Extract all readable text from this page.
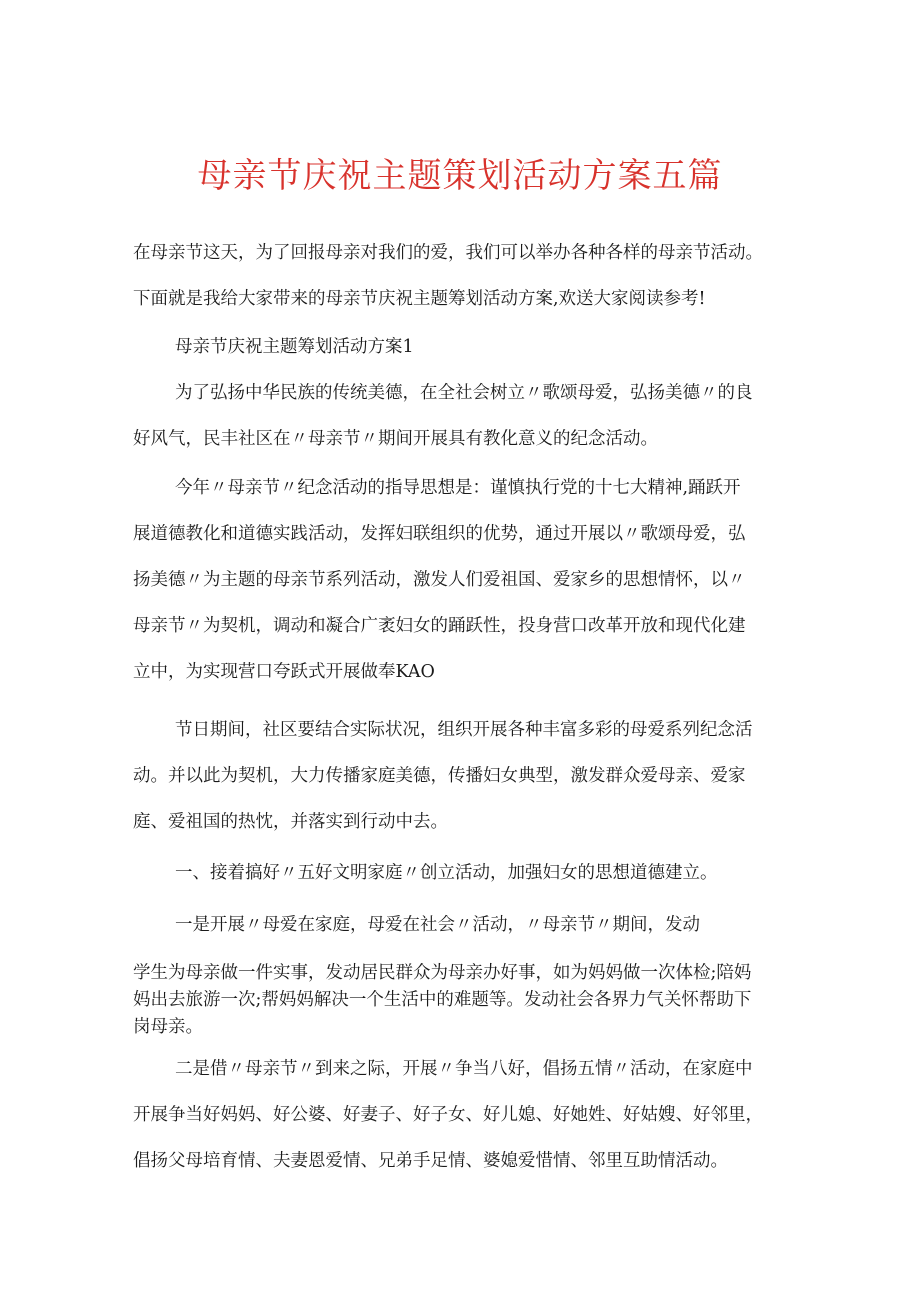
母亲节庆祝主题策划活动方案五篇
在母亲节这天，为了回报母亲对我们的爱，我们可以举办各种各样的母亲节活动。
下面就是我给大家带来的母亲节庆祝主题筹划活动方案,欢送大家阅读参考!
母亲节庆祝主题筹划活动方案1
为了弘扬中华民族的传统美德，在全社会树立〃歌颂母爱，弘扬美德〃的良
好风气，民丰社区在〃母亲节〃期间开展具有教化意义的纪念活动。
今年〃母亲节〃纪念活动的指导思想是：谨慎执行党的十七大精神,踊跃开
展道德教化和道德实践活动，发挥妇联组织的优势，通过开展以〃歌颂母爱，弘
扬美德〃为主题的母亲节系列活动，激发人们爱祖国、爱家乡的思想情怀，以〃
母亲节〃为契机，调动和凝合广袤妇女的踊跃性，投身营口改革开放和现代化建
立中，为实现营口夸跃式开展做奉KAO
节日期间，社区要结合实际状况，组织开展各种丰富多彩的母爱系列纪念活
动。并以此为契机，大力传播家庭美德，传播妇女典型，激发群众爱母亲、爱家
庭、爱祖国的热忱，并落实到行动中去。
一、接着搞好〃五好文明家庭〃创立活动，加强妇女的思想道德建立。
一是开展〃母爱在家庭，母爱在社会〃活动，〃母亲节〃期间，发动
学生为母亲做一件实事，发动居民群众为母亲办好事，如为妈妈做一次体检;陪妈
妈出去旅游一次;帮妈妈解决一个生活中的难题等。发动社会各界力气关怀帮助下
岗母亲。
二是借〃母亲节〃到来之际，开展〃争当八好，倡扬五情〃活动，在家庭中
开展争当好妈妈、好公婆、好妻子、好子女、好儿媳、好她姓、好姑嫂、好邻里，
倡扬父母培育情、夫妻恩爱情、兄弟手足情、婆媳爱惜情、邻里互助情活动。
